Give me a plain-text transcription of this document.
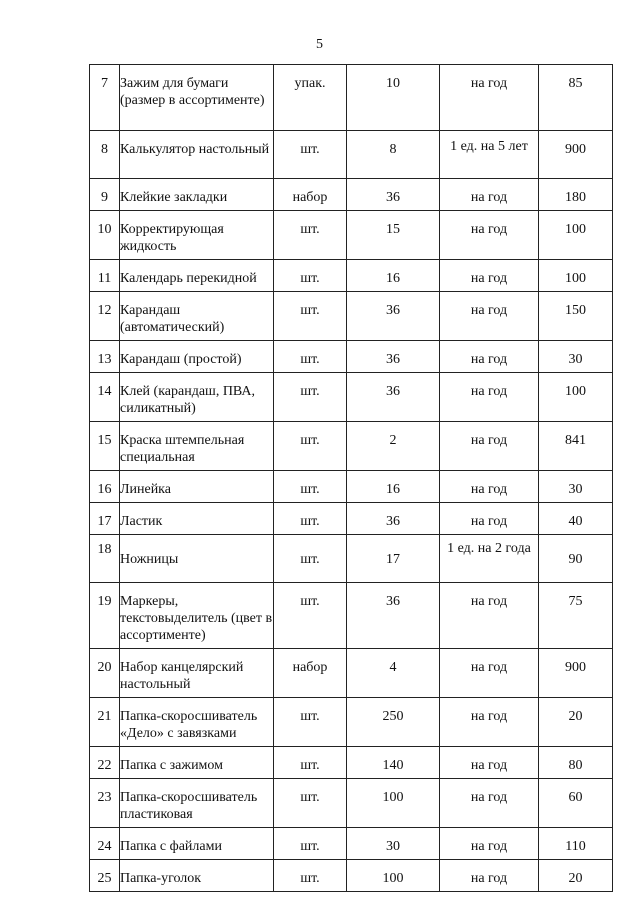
5
7	Зажим для бумаги (размер в ассортименте)	упак.	10	на год	85

8	Калькулятор настольный	шт.	8	1 ед. на 5 лет	900

9	Клейкие закладки	набор	36	на год	180

10	Корректирующая жидкость	шт.	15	на год	100

11	Календарь перекидной	шт.	16	на год	100

12	Карандаш (автоматический)	шт.	36	на год	150

13	Карандаш (простой)	шт.	36	на год	30

14	Клей (карандаш, ПВА, силикатный)	шт.	36	на год	100

15	Краска штемпельная специальная	шт.	2	на год	841

16	Линейка	шт.	16	на год	30

17	Ластик	шт.	36	на год	40

18	Ножницы	шт.	17	1 ед. на 2 года	90

19	Маркеры, текстовыделитель (цвет в ассортименте)	шт.	36	на год	75

20	Набор канцелярский настольный	набор	4	на год	900

21	Папка-скоросшиватель «Дело» с завязками	шт.	250	на год	20

22	Папка с зажимом	шт.	140	на год	80

23	Папка-скоросшиватель пластиковая	шт.	100	на год	60

24	Папка с файлами	шт.	30	на год	110

25	Папка-уголок	шт.	100	на год	20
